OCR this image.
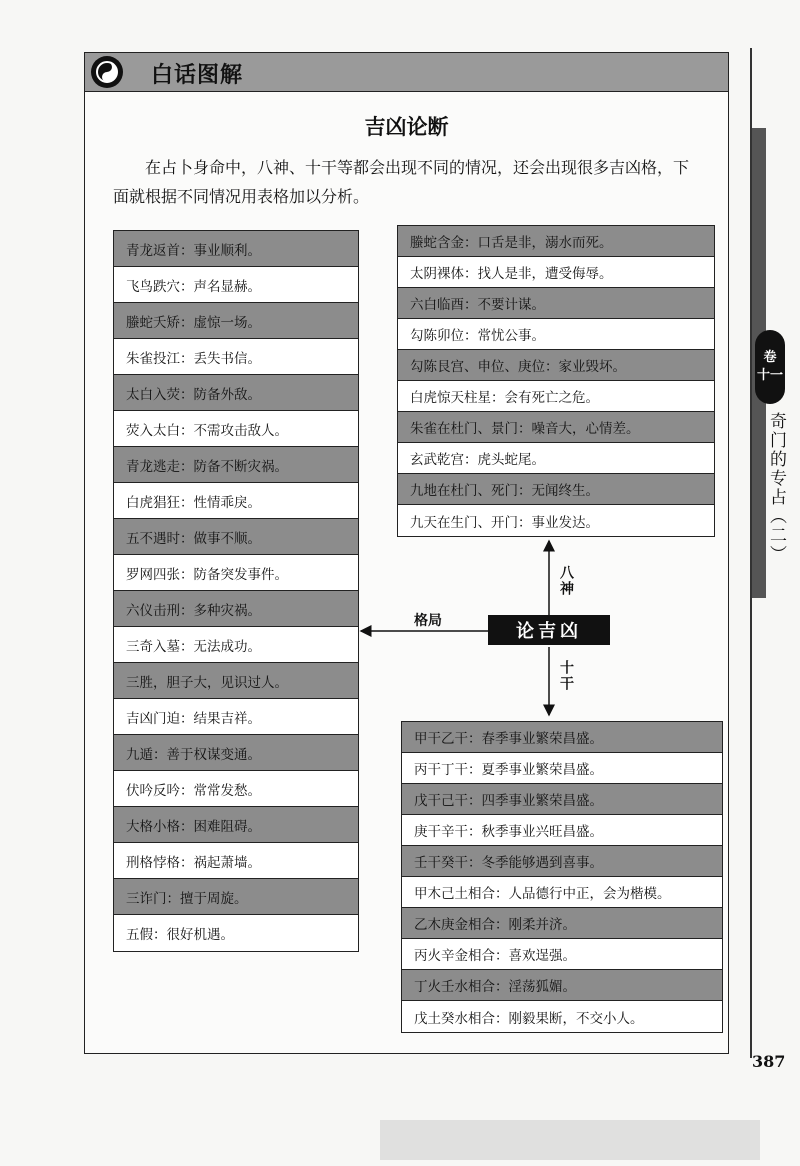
白话图解
吉凶论断

在占卜身命中，八神、十干等都会出现不同的情况，还会出现很多吉凶格，下面就根据不同情况用表格加以分析。

青龙返首：事业顺利。
飞鸟跌穴：声名显赫。
螣蛇夭矫：虚惊一场。
朱雀投江：丢失书信。
太白入荧：防备外敌。
荧入太白：不需攻击敌人。
青龙逃走：防备不断灾祸。
白虎猖狂：性情乖戾。
五不遇时：做事不顺。
罗网四张：防备突发事件。
六仪击刑：多种灾祸。
三奇入墓：无法成功。
三胜，胆子大，见识过人。
吉凶门迫：结果吉祥。
九遁：善于权谋变通。
伏吟反吟：常常发愁。
大格小格：困难阻碍。
刑格悖格：祸起萧墙。
三诈门：擅于周旋。
五假：很好机遇。
螣蛇含金：口舌是非，溺水而死。
太阴裸体：找人是非，遭受侮辱。
六白临酉：不要计谋。
勾陈卯位：常忧公事。
勾陈艮宫、申位、庚位：家业毁坏。
白虎惊天柱星：会有死亡之危。
朱雀在杜门、景门：噪音大，心情差。
玄武乾宫：虎头蛇尾。
九地在杜门、死门：无闻终生。
九天在生门、开门：事业发达。
甲干乙干：春季事业繁荣昌盛。
丙干丁干：夏季事业繁荣昌盛。
戊干己干：四季事业繁荣昌盛。
庚干辛干：秋季事业兴旺昌盛。
壬干癸干：冬季能够遇到喜事。
甲木己土相合：人品德行中正，会为楷模。
乙木庚金相合：刚柔并济。
丙火辛金相合：喜欢逞强。
丁火壬水相合：淫荡狐媚。
戊土癸水相合：刚毅果断，不交小人。
论吉凶
格局
八神
十干
卷
十一
奇门的专占（二）
387
